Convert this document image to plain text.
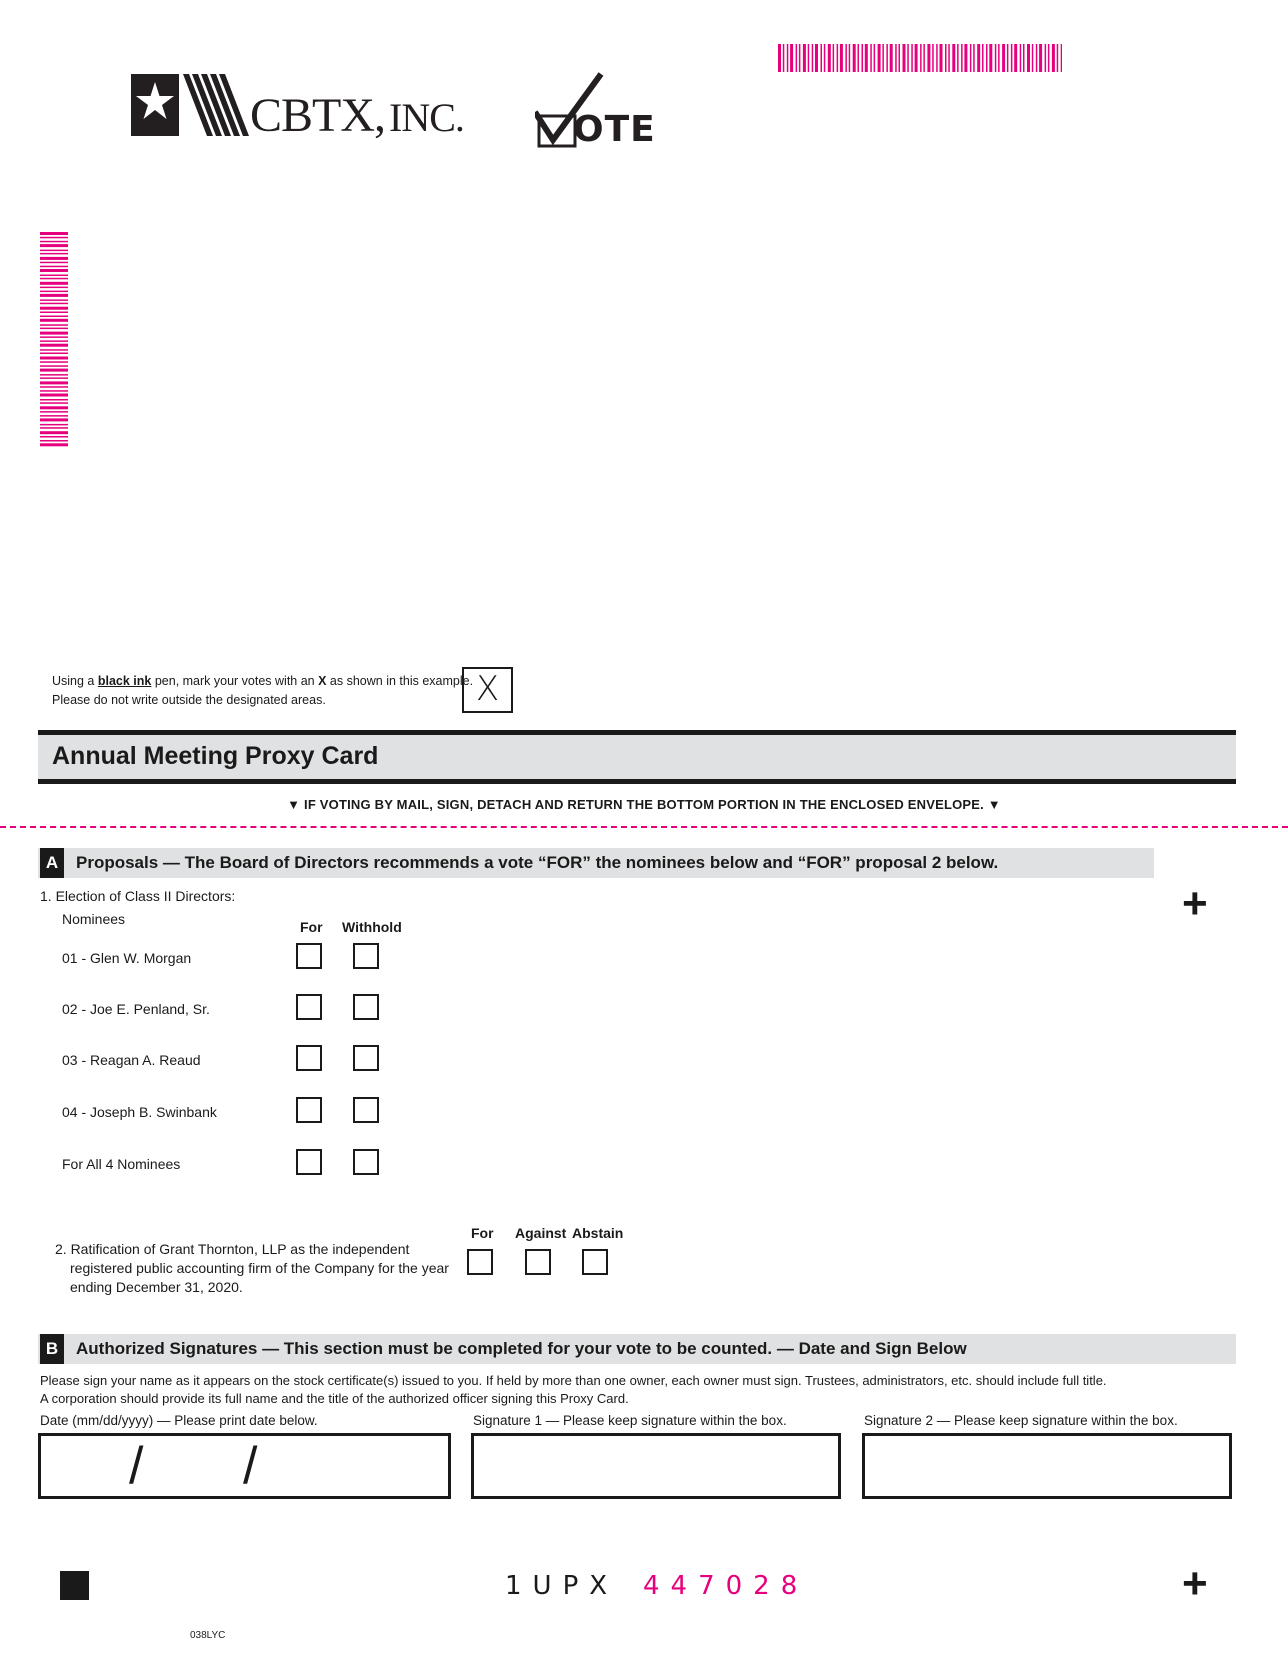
CBTX, INC.	OTE
Using a black ink pen, mark your votes with an X as shown in this example.
Please do not write outside the designated areas.	X
Annual Meeting Proxy Card
▼ IF VOTING BY MAIL, SIGN, DETACH AND RETURN THE BOTTOM PORTION IN THE ENCLOSED ENVELOPE. ▼
A	Proposals — The Board of Directors recommends a vote “FOR” the nominees below and “FOR” proposal 2 below.
+
1. Election of Class II Directors:
Nominees	For Withhold
01 - Glen W. Morgan
02 - Joe E. Penland, Sr.
03 - Reagan A. Reaud
04 - Joseph B. Swinbank
For All 4 Nominees
2. Ratification of Grant Thornton, LLP as the independent
registered public accounting firm of the Company for the year
ending December 31, 2020.
For Against Abstain
B	Authorized Signatures — This section must be completed for your vote to be counted. — Date and Sign Below
Please sign your name as it appears on the stock certificate(s) issued to you. If held by more than one owner, each owner must sign. Trustees, administrators, etc. should include full title.
A corporation should provide its full name and the title of the authorized officer signing this Proxy Card.
Date (mm/dd/yyyy) — Please print date below.	Signature 1 — Please keep signature within the box.	Signature 2 — Please keep signature within the box.
/ /
1UPX 447028	+
038LYC
